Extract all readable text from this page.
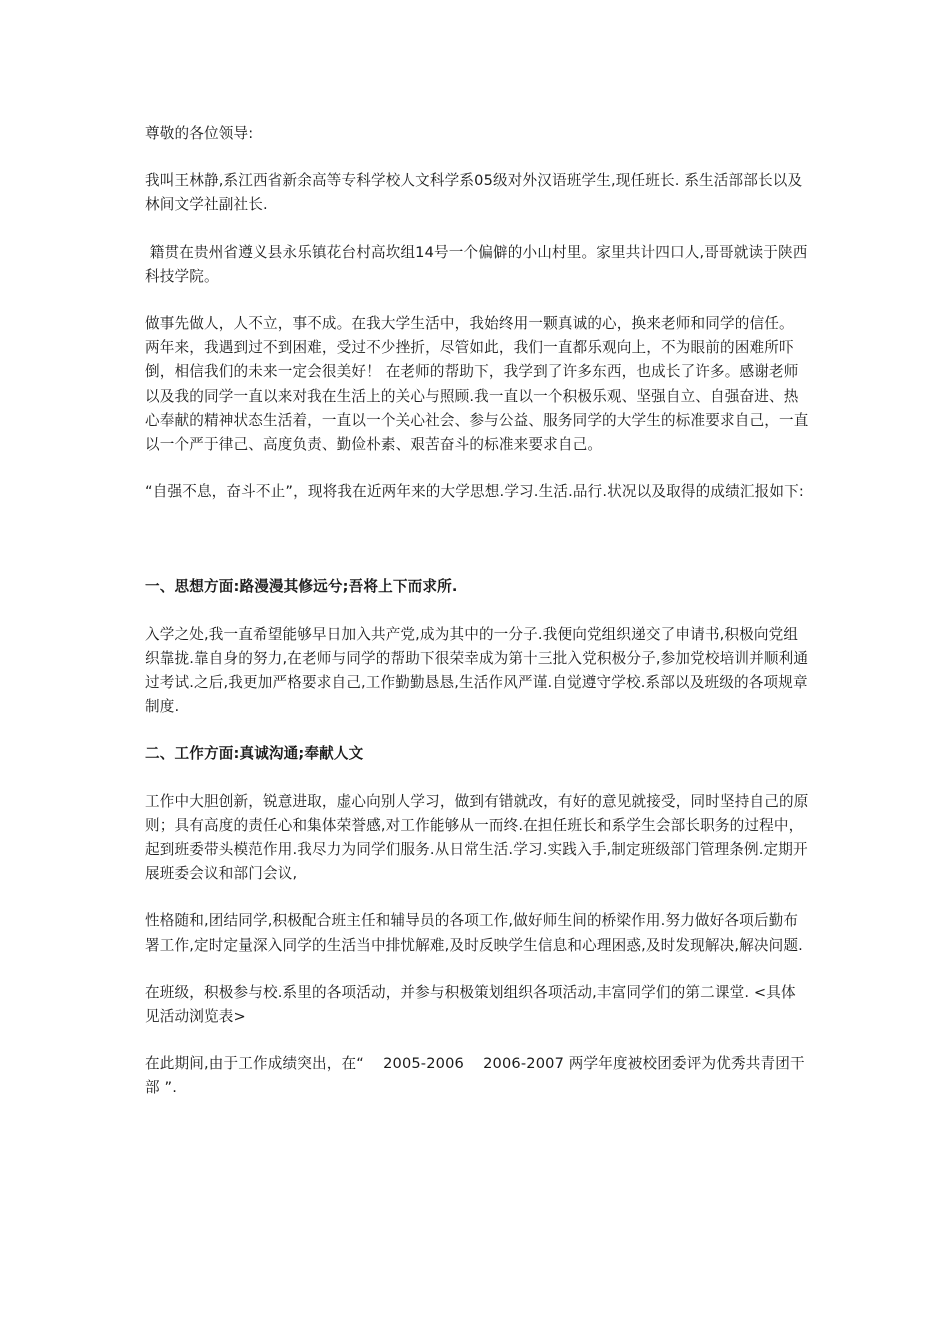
尊敬的各位领导:

我叫王林静,系江西省新余高等专科学校人文科学系05级对外汉语班学生,现任班长. 系生活部部长以及林间文学社副社长.

籍贯在贵州省遵义县永乐镇花台村高坎组14号一个偏僻的小山村里。家里共计四口人,哥哥就读于陕西科技学院。

做事先做人，人不立，事不成。在我大学生活中，我始终用一颗真诚的心，换来老师和同学的信任。    两年来，我遇到过不到困难，受过不少挫折，尽管如此，我们一直都乐观向上，不为眼前的困难所吓倒，相信我们的未来一定会很美好！ 在老师的帮助下，我学到了许多东西，也成长了许多。感谢老师以及我的同学一直以来对我在生活上的关心与照顾.我一直以一个积极乐观、坚强自立、自强奋进、热心奉献的精神状态生活着，一直以一个关心社会、参与公益、服务同学的大学生的标准要求自己，一直以一个严于律己、高度负责、勤俭朴素、艰苦奋斗的标准来要求自己。

“自强不息，奋斗不止”，现将我在近两年来的大学思想.学习.生活.品行.状况以及取得的成绩汇报如下:

一、思想方面:路漫漫其修远兮;吾将上下而求所.

入学之处,我一直希望能够早日加入共产党,成为其中的一分子.我便向党组织递交了申请书,积极向党组织靠拢.靠自身的努力,在老师与同学的帮助下很荣幸成为第十三批入党积极分子,参加党校培训并顺利通过考试.之后,我更加严格要求自己,工作勤勤恳恳,生活作风严谨.自觉遵守学校.系部以及班级的各项规章制度.

二、工作方面:真诚沟通;奉献人文

工作中大胆创新，锐意进取，虚心向别人学习，做到有错就改，有好的意见就接受，同时坚持自己的原则；具有高度的责任心和集体荣誉感,对工作能够从一而终.在担任班长和系学生会部长职务的过程中，起到班委带头模范作用.我尽力为同学们服务.从日常生活.学习.实践入手,制定班级部门管理条例.定期开展班委会议和部门会议,

性格随和,团结同学,积极配合班主任和辅导员的各项工作,做好师生间的桥梁作用.努力做好各项后勤布署工作,定时定量深入同学的生活当中排忧解难,及时反映学生信息和心理困惑,及时发现解决,解决问题.

在班级，积极参与校.系里的各项活动，并参与积极策划组织各项活动,丰富同学们的第二课堂. <具体见活动浏览表>

在此期间,由于工作成绩突出，在“    2005-2006    2006-2007 两学年度被校团委评为优秀共青团干部 ”.
